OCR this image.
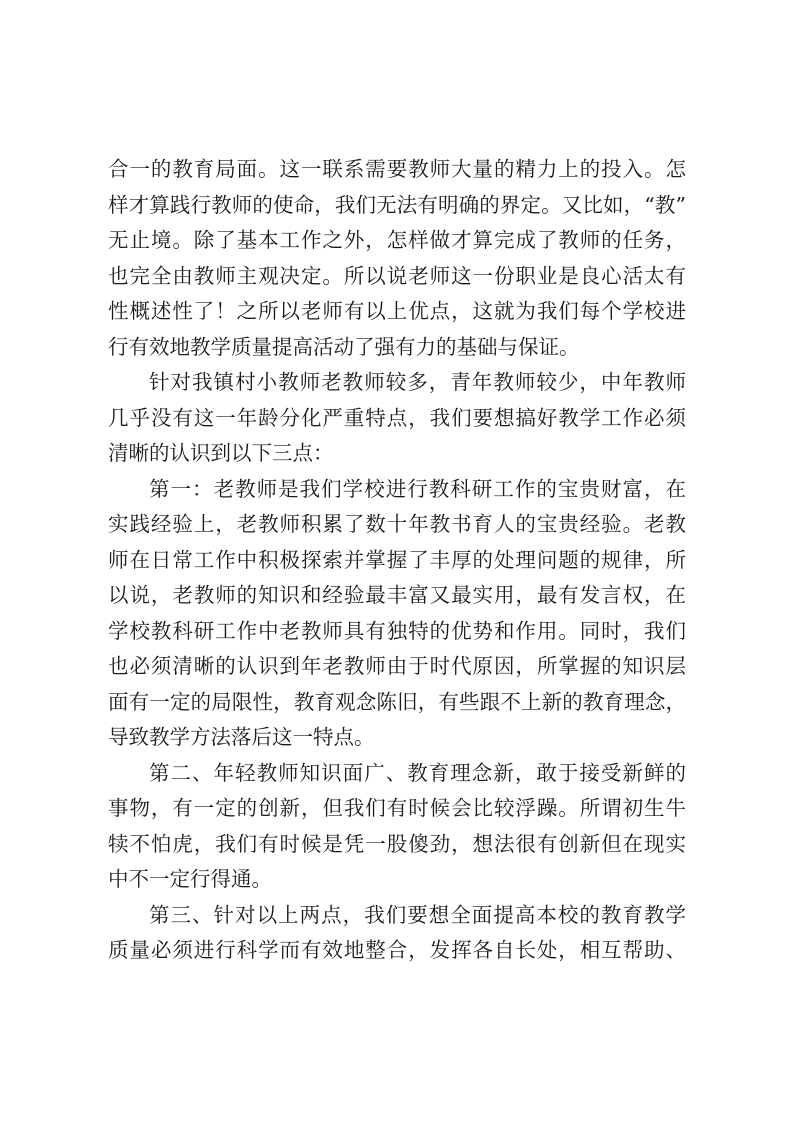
合一的教育局面。这一联系需要教师大量的精力上的投入。怎
样才算践行教师的使命，我们无法有明确的界定。又比如，“教”
无止境。除了基本工作之外，怎样做才算完成了教师的任务，
也完全由教师主观决定。所以说老师这一份职业是良心活太有
性概述性了！之所以老师有以上优点，这就为我们每个学校进
行有效地教学质量提高活动了强有力的基础与保证。

针对我镇村小教师老教师较多，青年教师较少，中年教师
几乎没有这一年龄分化严重特点，我们要想搞好教学工作必须
清晰的认识到以下三点：

第一：老教师是我们学校进行教科研工作的宝贵财富，在
实践经验上，老教师积累了数十年教书育人的宝贵经验。老教
师在日常工作中积极探索并掌握了丰厚的处理问题的规律，所
以说，老教师的知识和经验最丰富又最实用，最有发言权，在
学校教科研工作中老教师具有独特的优势和作用。同时，我们
也必须清晰的认识到年老教师由于时代原因，所掌握的知识层
面有一定的局限性，教育观念陈旧，有些跟不上新的教育理念，
导致教学方法落后这一特点。

第二、年轻教师知识面广、教育理念新，敢于接受新鲜的
事物，有一定的创新，但我们有时候会比较浮躁。所谓初生牛
犊不怕虎，我们有时候是凭一股傻劲，想法很有创新但在现实
中不一定行得通。

第三、针对以上两点，我们要想全面提高本校的教育教学
质量必须进行科学而有效地整合，发挥各自长处，相互帮助、
